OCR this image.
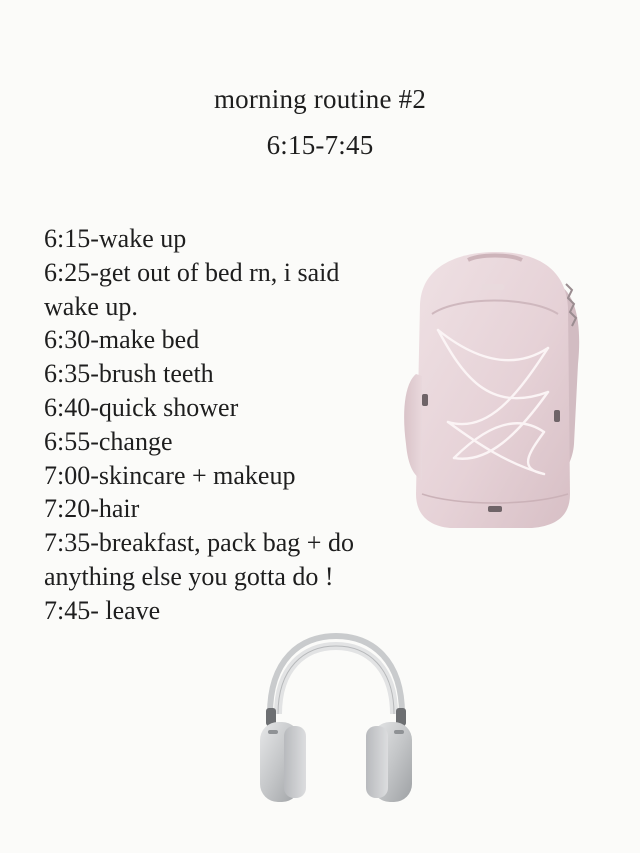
morning routine #2
6:15-7:45
6:15-wake up
6:25-get out of bed rn, i said wake up.
6:30-make bed
6:35-brush teeth
6:40-quick shower
6:55-change
7:00-skincare + makeup
7:20-hair
7:35-breakfast, pack bag + do anything else you gotta do !
7:45- leave
